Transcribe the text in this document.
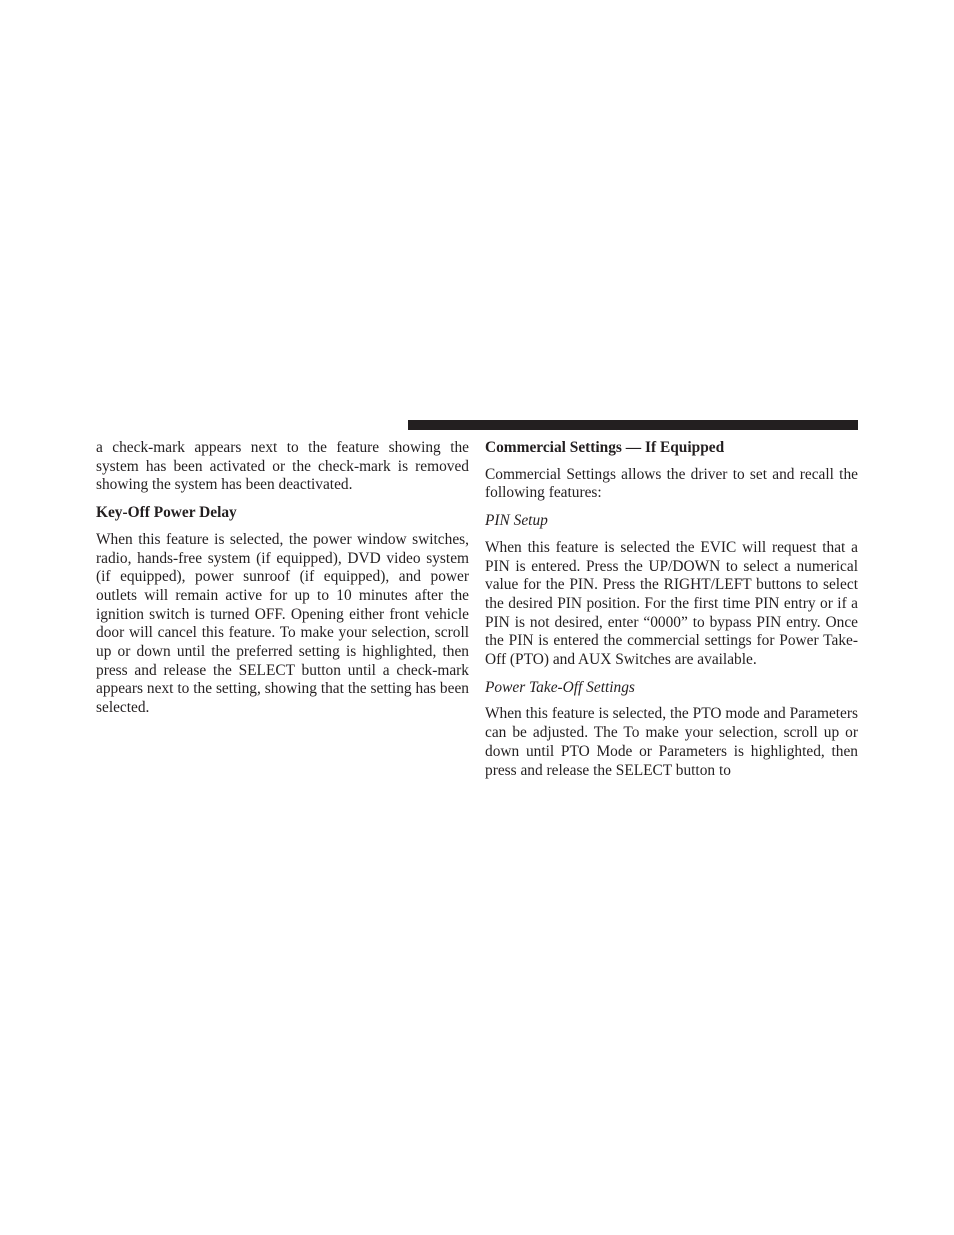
a check-mark appears next to the feature showing the system has been activated or the check-mark is removed showing the system has been deactivated.

Key-Off Power Delay

When this feature is selected, the power window switches, radio, hands-free system (if equipped), DVD video system (if equipped), power sunroof (if equipped), and power outlets will remain active for up to 10 minutes after the ignition switch is turned OFF. Opening either front vehicle door will cancel this feature. To make your selection, scroll up or down until the preferred setting is highlighted, then press and release the SELECT button until a check-mark appears next to the setting, showing that the setting has been selected.

Commercial Settings — If Equipped

Commercial Settings allows the driver to set and recall the following features:

PIN Setup

When this feature is selected the EVIC will request that a PIN is entered. Press the UP/DOWN to select a numerical value for the PIN. Press the RIGHT/LEFT buttons to select the desired PIN position. For the first time PIN entry or if a PIN is not desired, enter “0000” to bypass PIN entry. Once the PIN is entered the commercial settings for Power Take-Off (PTO) and AUX Switches are available.

Power Take-Off Settings

When this feature is selected, the PTO mode and Parameters can be adjusted. The To make your selection, scroll up or down until PTO Mode or Parameters is highlighted, then press and release the SELECT button to
